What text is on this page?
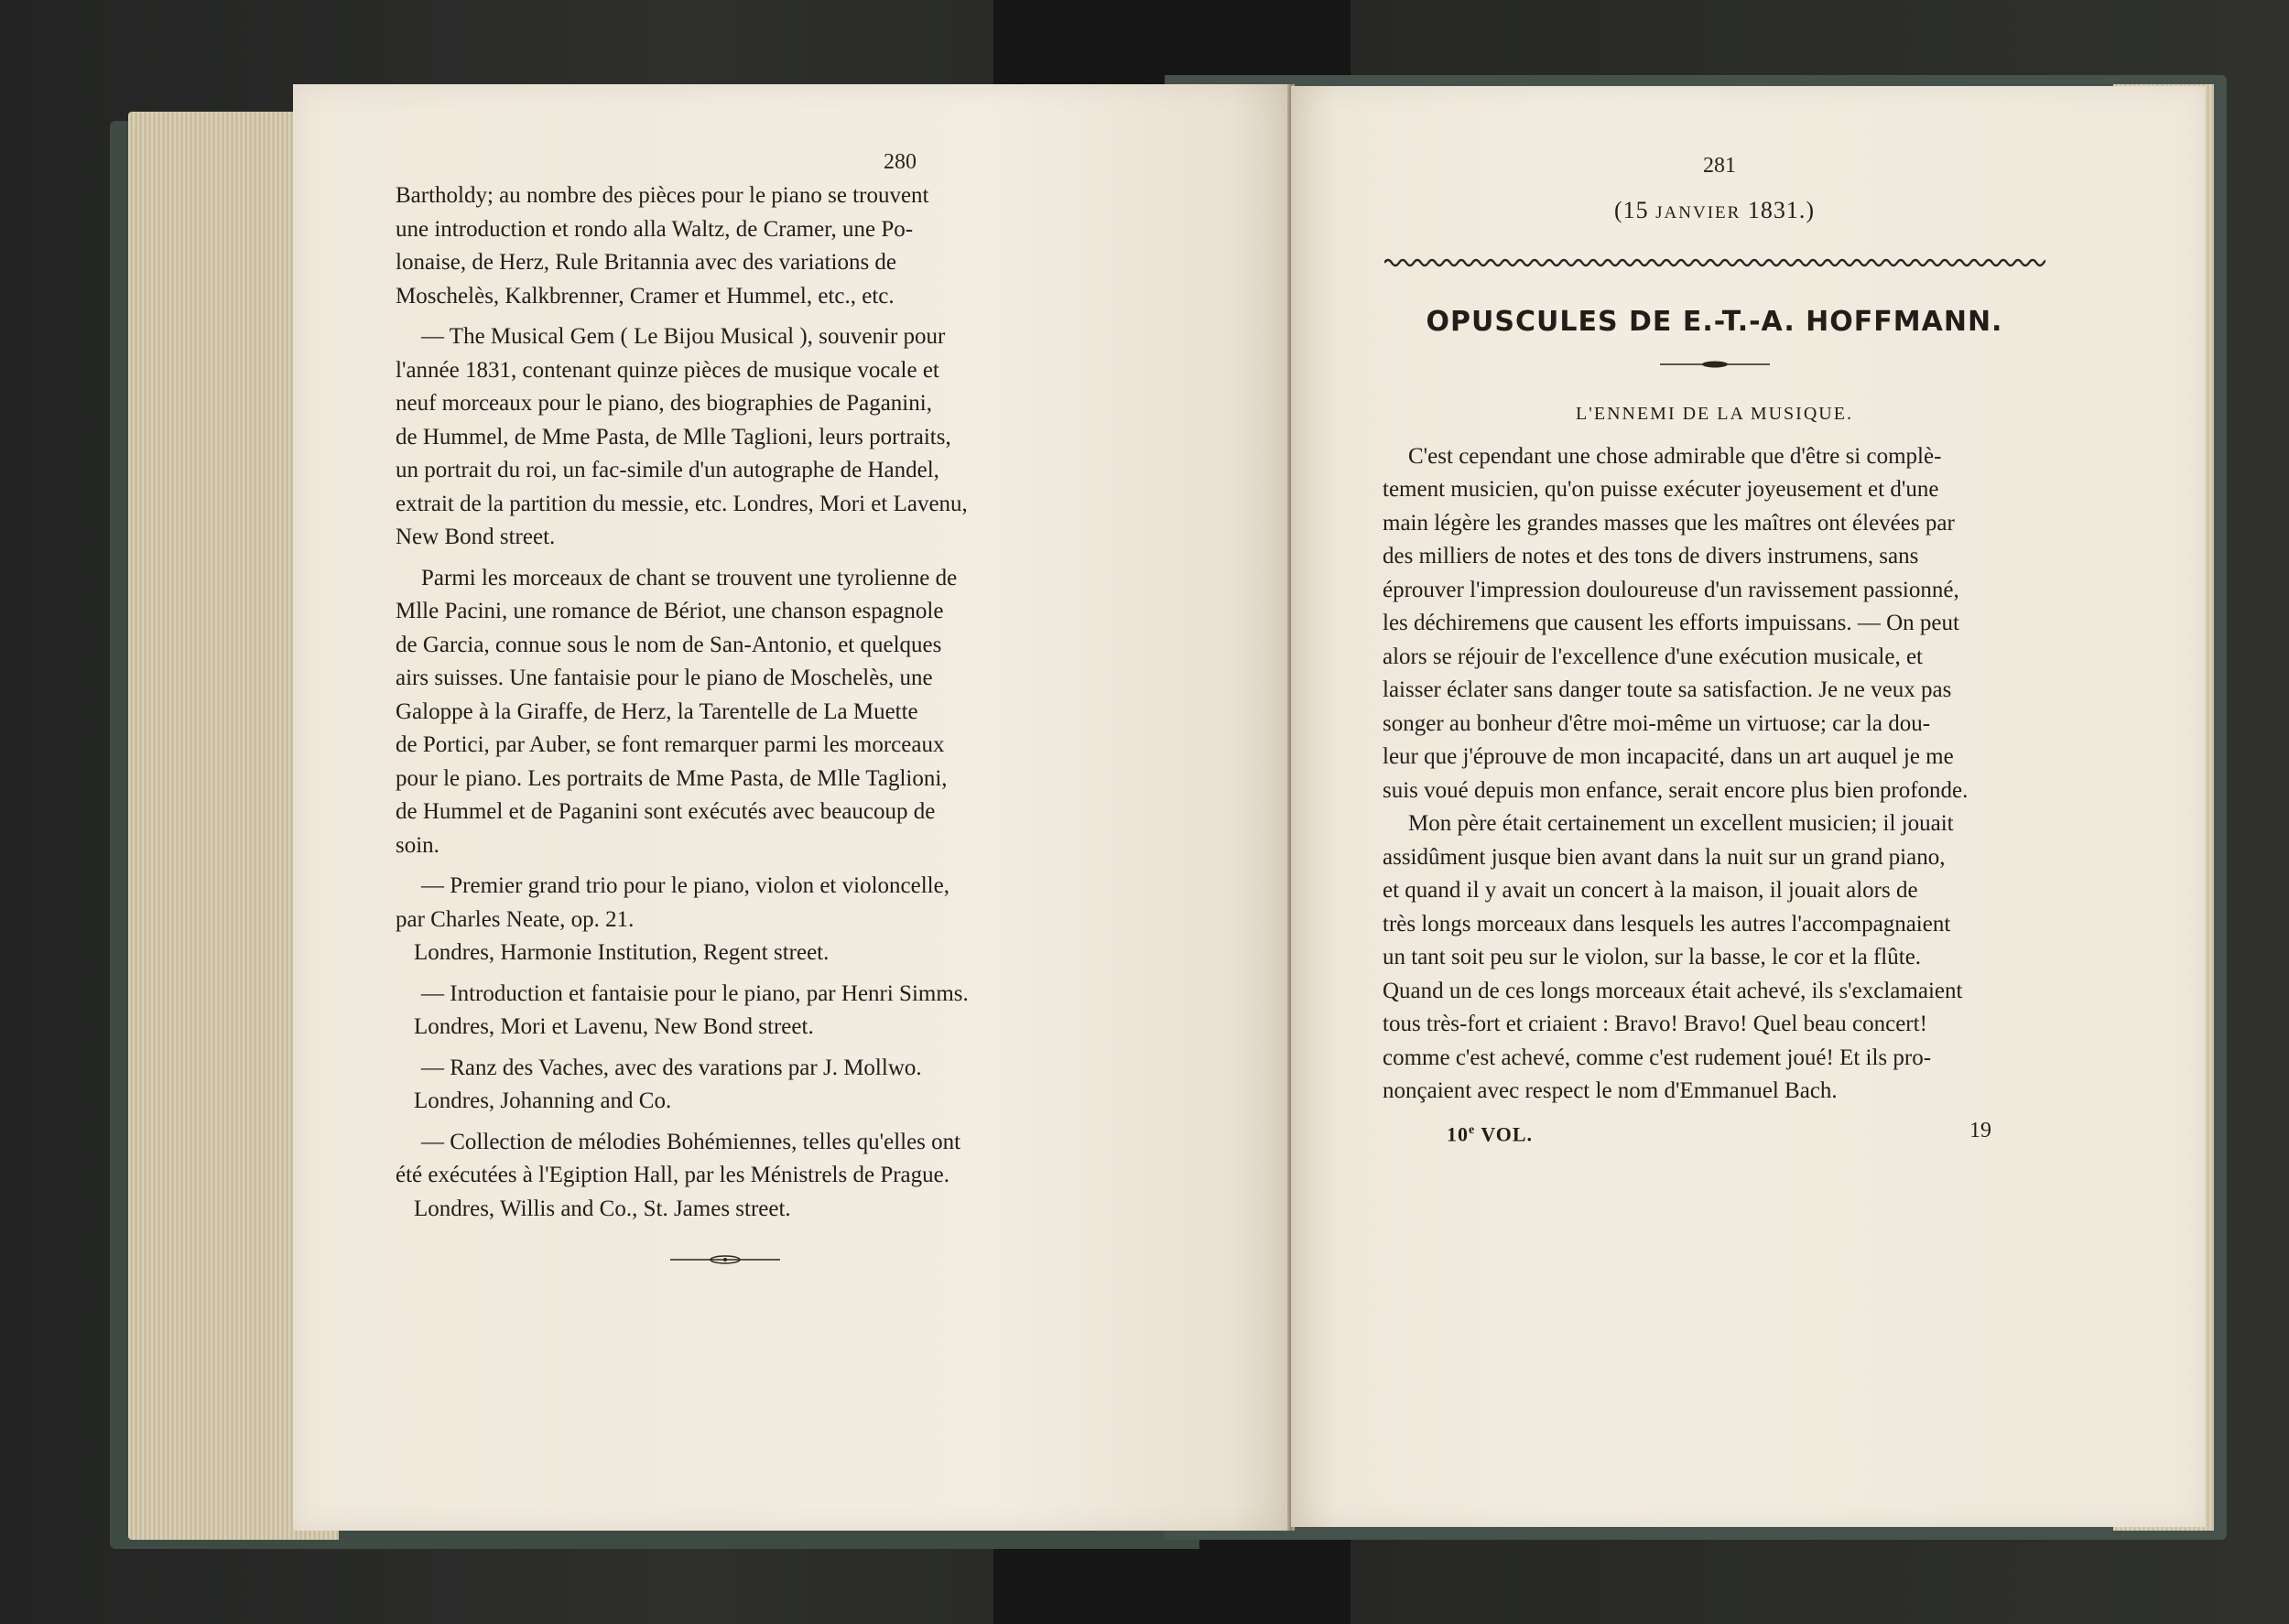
280
Bartholdy; au nombre des pièces pour le piano se trouvent
une introduction et rondo alla Waltz, de Cramer, une Po-
lonaise, de Herz, Rule Britannia avec des variations de
Moschelès, Kalkbrenner, Cramer et Hummel, etc., etc.
— The Musical Gem ( Le Bijou Musical ), souvenir pour
l'année 1831, contenant quinze pièces de musique vocale et
neuf morceaux pour le piano, des biographies de Paganini,
de Hummel, de Mme Pasta, de Mlle Taglioni, leurs portraits,
un portrait du roi, un fac-simile d'un autographe de Handel,
extrait de la partition du messie, etc. Londres, Mori et Lavenu,
New Bond street.
Parmi les morceaux de chant se trouvent une tyrolienne de
Mlle Pacini, une romance de Bériot, une chanson espagnole
de Garcia, connue sous le nom de San-Antonio, et quelques
airs suisses. Une fantaisie pour le piano de Moschelès, une
Galoppe à la Giraffe, de Herz, la Tarentelle de La Muette
de Portici, par Auber, se font remarquer parmi les morceaux
pour le piano. Les portraits de Mme Pasta, de Mlle Taglioni,
de Hummel et de Paganini sont exécutés avec beaucoup de
soin.
— Premier grand trio pour le piano, violon et violoncelle,
par Charles Neate, op. 21.
Londres, Harmonie Institution, Regent street.
— Introduction et fantaisie pour le piano, par Henri Simms.
Londres, Mori et Lavenu, New Bond street.
— Ranz des Vaches, avec des varations par J. Mollwo.
Londres, Johanning and Co.
— Collection de mélodies Bohémiennes, telles qu'elles ont
été exécutées à l'Egiption Hall, par les Ménistrels de Prague.
Londres, Willis and Co., St. James street.
281
(15 JANVIER 1831.)
OPUSCULES DE E.-T.-A. HOFFMANN.
L'ENNEMI DE LA MUSIQUE.
C'est cependant une chose admirable que d'être si complè-
tement musicien, qu'on puisse exécuter joyeusement et d'une
main légère les grandes masses que les maîtres ont élevées par
des milliers de notes et des tons de divers instrumens, sans
éprouver l'impression douloureuse d'un ravissement passionné,
les déchiremens que causent les efforts impuissans. — On peut
alors se réjouir de l'excellence d'une exécution musicale, et
laisser éclater sans danger toute sa satisfaction. Je ne veux pas
songer au bonheur d'être moi-même un virtuose; car la dou-
leur que j'éprouve de mon incapacité, dans un art auquel je me
suis voué depuis mon enfance, serait encore plus bien profonde.
Mon père était certainement un excellent musicien; il jouait
assidûment jusque bien avant dans la nuit sur un grand piano,
et quand il y avait un concert à la maison, il jouait alors de
très longs morceaux dans lesquels les autres l'accompagnaient
un tant soit peu sur le violon, sur la basse, le cor et la flûte.
Quand un de ces longs morceaux était achevé, ils s'exclamaient
tous très-fort et criaient : Bravo! Bravo! Quel beau concert!
comme c'est achevé, comme c'est rudement joué! Et ils pro-
nonçaient avec respect le nom d'Emmanuel Bach.
10e VOL.	19
